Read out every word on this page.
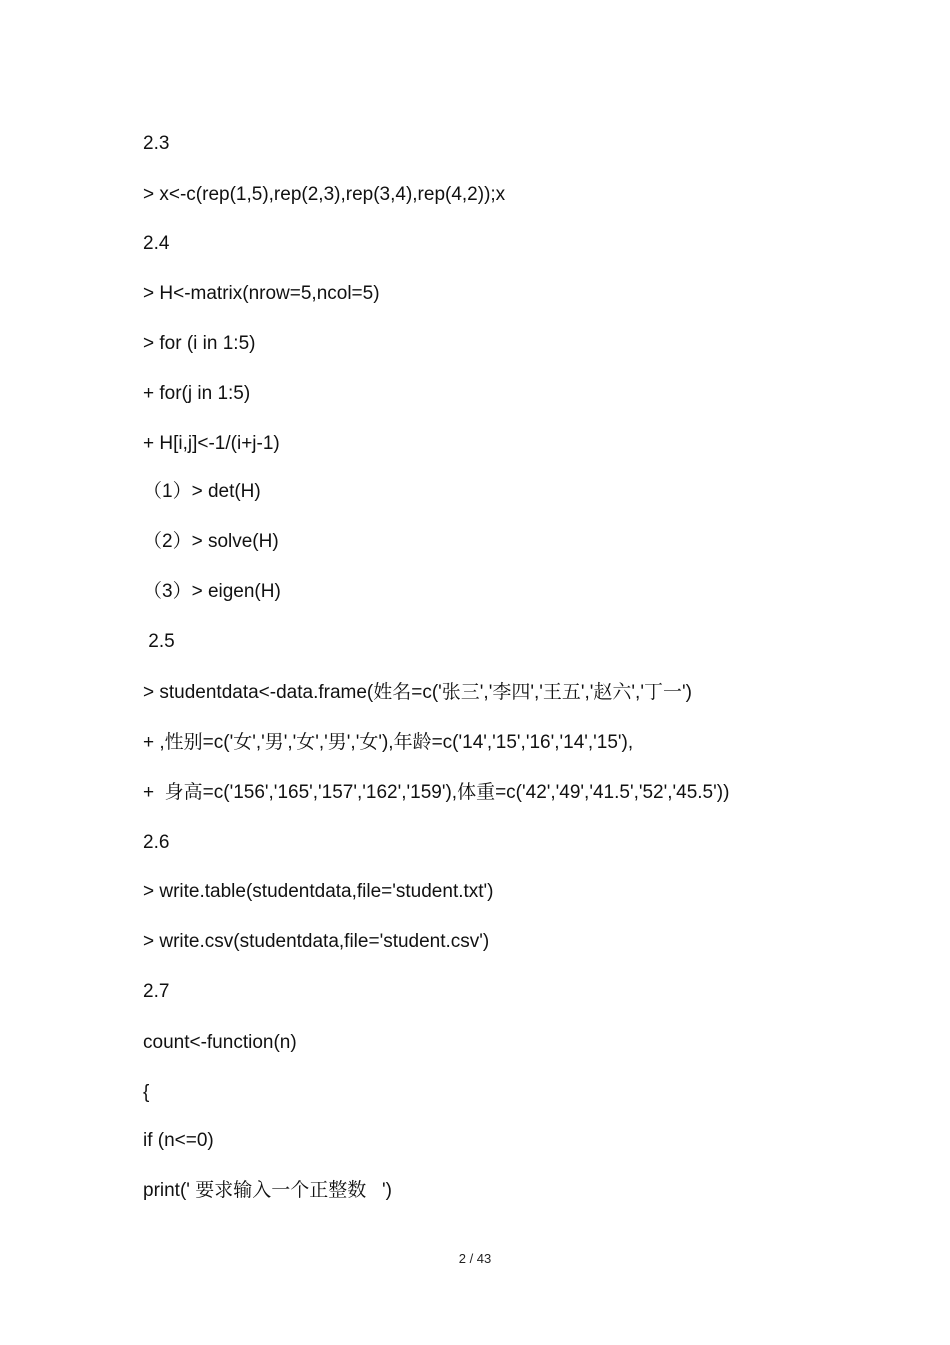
2.3
> x<-c(rep(1,5),rep(2,3),rep(3,4),rep(4,2));x
2.4
> H<-matrix(nrow=5,ncol=5)
> for (i in 1:5)
+ for(j in 1:5)
+ H[i,j]<-1/(i+j-1)
（1）> det(H)
（2）> solve(H)
（3）> eigen(H)
2.5
> studentdata<-data.frame(姓名=c('张三','李四','王五','赵六','丁一')
+ ,性别=c('女','男','女','男','女'),年龄=c('14','15','16','14','15'),
+  身高=c('156','165','157','162','159'),体重=c('42','49','41.5','52','45.5'))
2.6
> write.table(studentdata,file='student.txt')
> write.csv(studentdata,file='student.csv')
2.7
count<-function(n)
{
if (n<=0)
print(' 要求输入一个正整数   ')
2 / 43
